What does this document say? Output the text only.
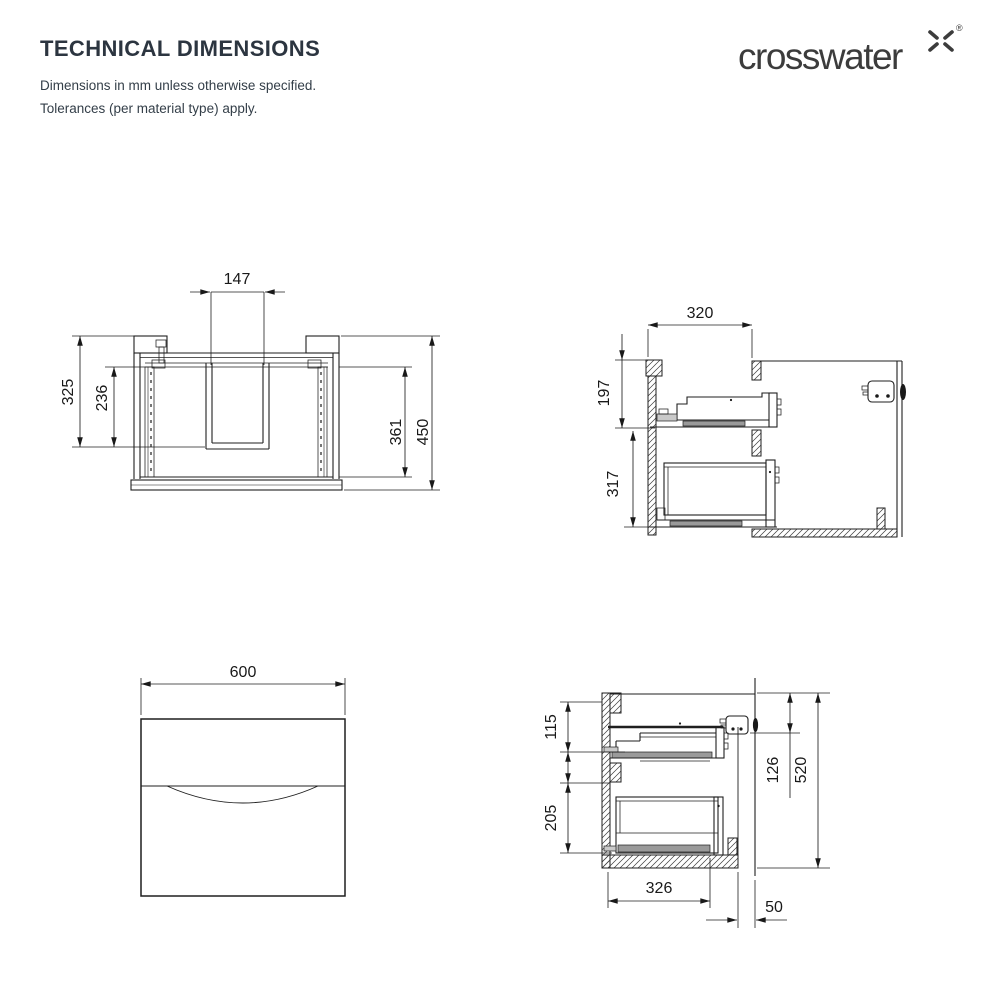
TECHNICAL DIMENSIONS

Dimensions in mm unless otherwise specified.

Tolerances (per material type) apply.

crosswater
®
147
325 236
361 450
320
197
317
600
115
205
126 520
326
50
